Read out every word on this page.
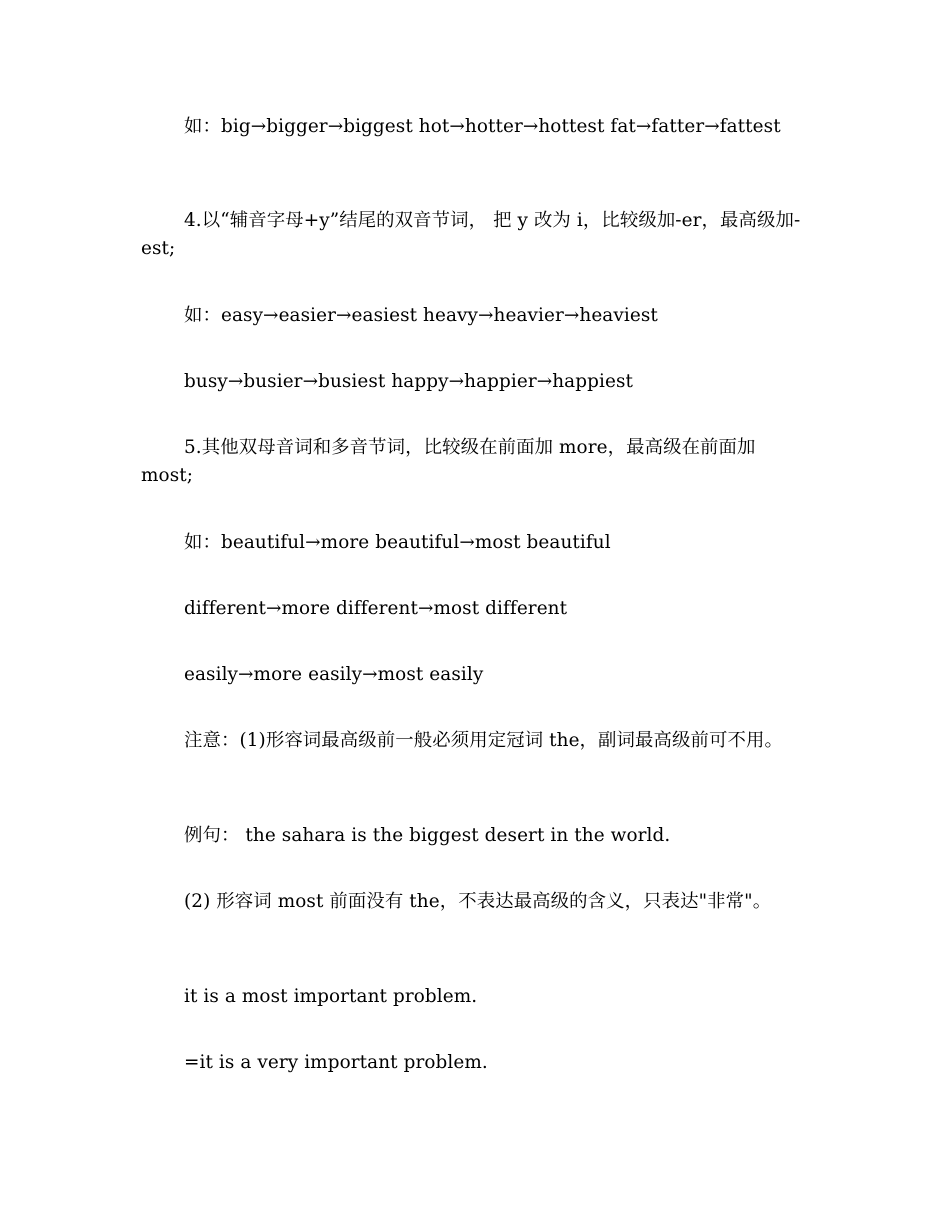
如：big→bigger→biggest hot→hotter→hottest fat→fatter→fattest

4.以“辅音字母+y”结尾的双音节词， 把 y 改为 i，比较级加-er，最高级加-est;

如：easy→easier→easiest heavy→heavier→heaviest

busy→busier→busiest happy→happier→happiest

5.其他双母音词和多音节词，比较级在前面加 more，最高级在前面加 most;

如：beautiful→more beautiful→most beautiful

different→more different→most different

easily→more easily→most easily

注意：(1)形容词最高级前一般必须用定冠词 the，副词最高级前可不用。

例句： the sahara is the biggest desert in the world.

(2) 形容词 most 前面没有 the，不表达最高级的含义，只表达"非常"。

it is a most important problem.

=it is a very important problem.
